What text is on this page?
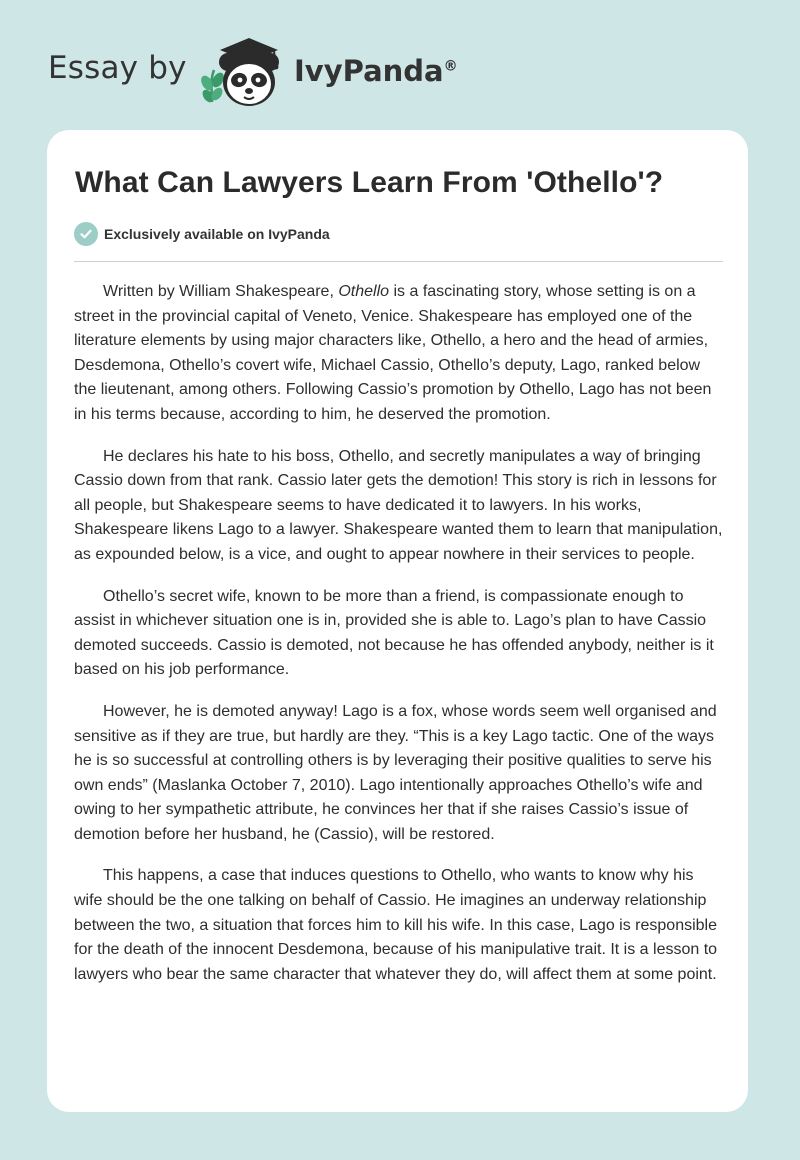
Essay by	IvyPanda®
What Can Lawyers Learn From 'Othello'?
Exclusively available on IvyPanda

Written by William Shakespeare, Othello is a fascinating story, whose setting is on a street in the provincial capital of Veneto, Venice. Shakespeare has employed one of the literature elements by using major characters like, Othello, a hero and the head of armies, Desdemona, Othello’s covert wife, Michael Cassio, Othello’s deputy, Lago, ranked below the lieutenant, among others. Following Cassio’s promotion by Othello, Lago has not been in his terms because, according to him, he deserved the promotion.

He declares his hate to his boss, Othello, and secretly manipulates a way of bringing Cassio down from that rank. Cassio later gets the demotion! This story is rich in lessons for all people, but Shakespeare seems to have dedicated it to lawyers. In his works, Shakespeare likens Lago to a lawyer. Shakespeare wanted them to learn that manipulation, as expounded below, is a vice, and ought to appear nowhere in their services to people.

Othello’s secret wife, known to be more than a friend, is compassionate enough to assist in whichever situation one is in, provided she is able to. Lago’s plan to have Cassio demoted succeeds. Cassio is demoted, not because he has offended anybody, neither is it based on his job performance.

However, he is demoted anyway! Lago is a fox, whose words seem well organised and sensitive as if they are true, but hardly are they. “This is a key Lago tactic. One of the ways he is so successful at controlling others is by leveraging their positive qualities to serve his own ends” (Maslanka October 7, 2010). Lago intentionally approaches Othello’s wife and owing to her sympathetic attribute, he convinces her that if she raises Cassio’s issue of demotion before her husband, he (Cassio), will be restored.

This happens, a case that induces questions to Othello, who wants to know why his wife should be the one talking on behalf of Cassio. He imagines an underway relationship between the two, a situation that forces him to kill his wife. In this case, Lago is responsible for the death of the innocent Desdemona, because of his manipulative trait. It is a lesson to lawyers who bear the same character that whatever they do, will affect them at some point.
